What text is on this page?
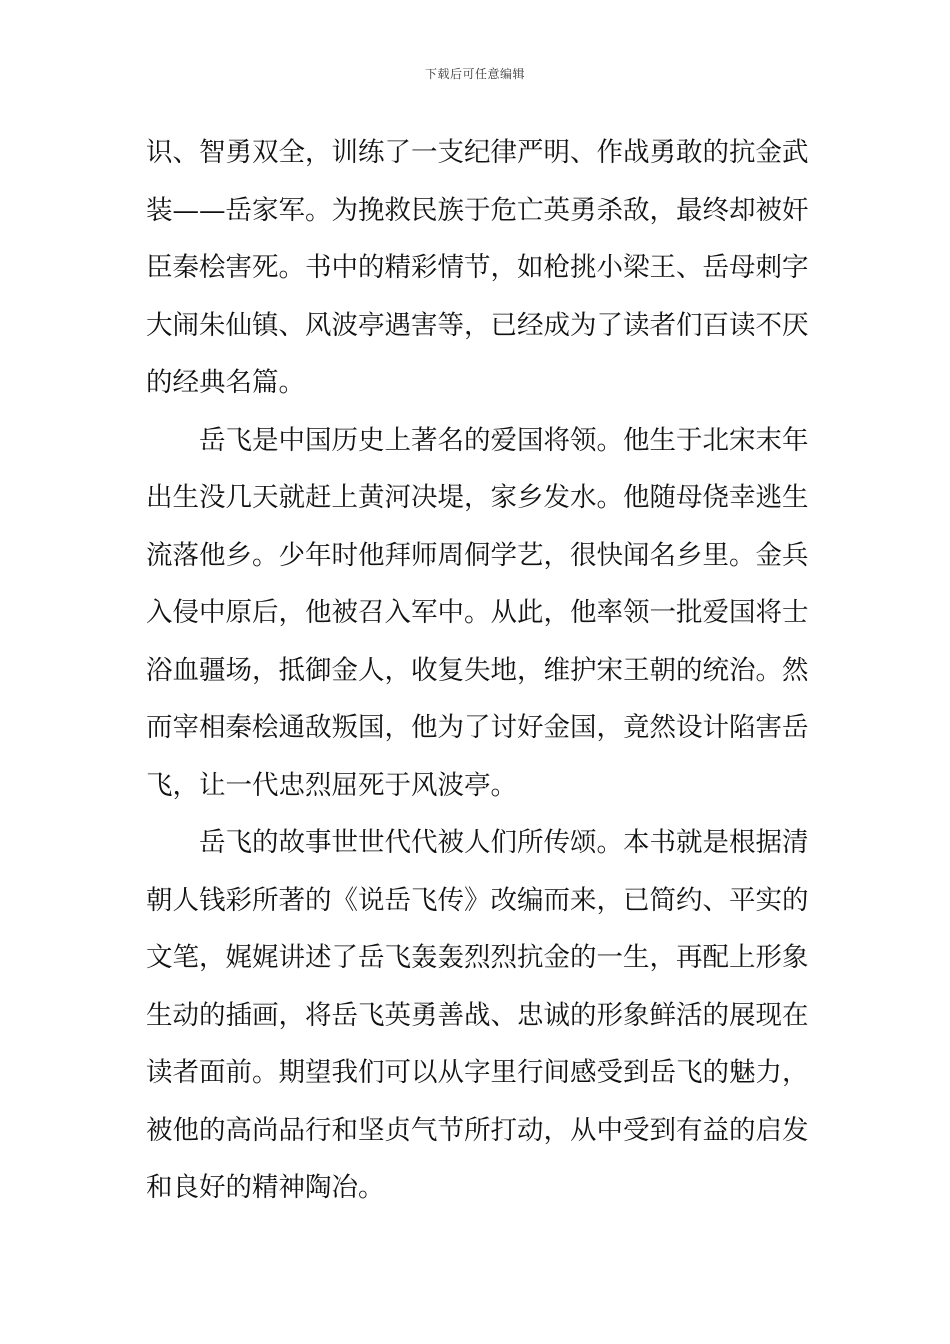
下载后可任意编辑
识、智勇双全，训练了一支纪律严明、作战勇敢的抗金武
装——岳家军。为挽救民族于危亡英勇杀敌，最终却被奸
臣秦桧害死。书中的精彩情节，如枪挑小梁王、岳母刺字
大闹朱仙镇、风波亭遇害等，已经成为了读者们百读不厌
的经典名篇。
岳飞是中国历史上著名的爱国将领。他生于北宋末年
出生没几天就赶上黄河决堤，家乡发水。他随母侥幸逃生
流落他乡。少年时他拜师周侗学艺，很快闻名乡里。金兵
入侵中原后，他被召入军中。从此，他率领一批爱国将士
浴血疆场，抵御金人，收复失地，维护宋王朝的统治。然
而宰相秦桧通敌叛国，他为了讨好金国，竟然设计陷害岳
飞，让一代忠烈屈死于风波亭。
岳飞的故事世世代代被人们所传颂。本书就是根据清
朝人钱彩所著的《说岳飞传》改编而来，已简约、平实的
文笔，娓娓讲述了岳飞轰轰烈烈抗金的一生，再配上形象
生动的插画，将岳飞英勇善战、忠诚的形象鲜活的展现在
读者面前。期望我们可以从字里行间感受到岳飞的魅力，
被他的高尚品行和坚贞气节所打动，从中受到有益的启发
和良好的精神陶冶。
